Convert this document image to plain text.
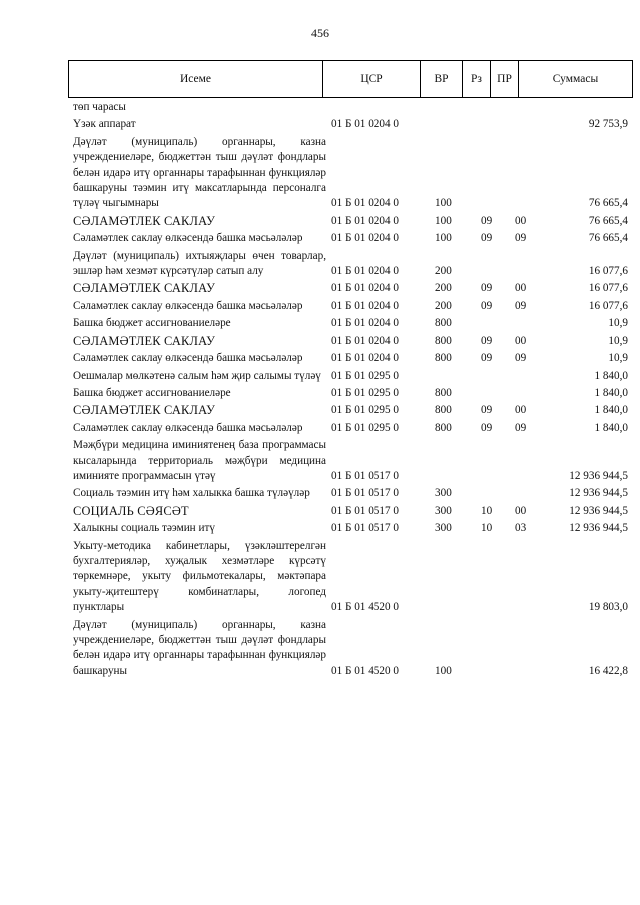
456
Исеме	ЦСР	ВР	Рз	ПР	Суммасы
төп чарасы
Үзәк аппарат	01 Б 01 0204 0	92 753,9
Дәүләт (муниципаль) органнары, казна учреждениеләре, бюджеттән тыш дәүләт фондлары белән идарә итү органнары тарафыннан функцияләр башкаруны тәэмин итү максатларында персоналга түләү чыгымнары	01 Б 01 0204 0	100	76 665,4
СӘЛАМӘТЛЕК САКЛАУ	01 Б 01 0204 0	100	09	00	76 665,4
Сәламәтлек саклау өлкәсендә башка мәсьәләләр	01 Б 01 0204 0	100	09	09	76 665,4
Дәүләт (муниципаль) ихтыяҗлары өчен товарлар, эшләр һәм хезмәт күрсәтүләр сатып алу	01 Б 01 0204 0	200	16 077,6
СӘЛАМӘТЛЕК САКЛАУ	01 Б 01 0204 0	200	09	00	16 077,6
Сәламәтлек саклау өлкәсендә башка мәсьәләләр	01 Б 01 0204 0	200	09	09	16 077,6
Башка бюджет ассигнованиеләре	01 Б 01 0204 0	800	10,9
СӘЛАМӘТЛЕК САКЛАУ	01 Б 01 0204 0	800	09	00	10,9
Сәламәтлек саклау өлкәсендә башка мәсьәләләр	01 Б 01 0204 0	800	09	09	10,9
Оешмалар мөлкәтенә салым һәм җир салымы түләү 01 Б 01 0295 0	1 840,0
Башка бюджет ассигнованиеләре	01 Б 01 0295 0	800	1 840,0
СӘЛАМӘТЛЕК САКЛАУ	01 Б 01 0295 0	800	09	00	1 840,0
Сәламәтлек саклау өлкәсендә башка мәсьәләләр	01 Б 01 0295 0	800	09	09	1 840,0
Мәҗбүри медицина иминиятенең база программасы кысаларында территориаль мәҗбүри медицина иминияте программасын үтәү	01 Б 01 0517 0	12 936 944,5
Социаль тәэмин итү һәм халыкка башка түләүләр	01 Б 01 0517 0	300	12 936 944,5
СОЦИАЛЬ СӘЯСӘТ	01 Б 01 0517 0	300	10	00	12 936 944,5
Халыкны социаль тәэмин итү	01 Б 01 0517 0	300	10	03	12 936 944,5
Укыту-методика кабинетлары, үзәкләштерелгән бухгалтерияләр, хуҗалык хезмәтләре күрсәтү төркемнәре, укыту фильмотекалары, мәктәпара укыту-җитештерү комбинатлары, логопед пунктлары	01 Б 01 4520 0	19 803,0
Дәүләт (муниципаль) органнары, казна учреждениеләре, бюджеттән тыш дәүләт фондлары белән идарә итү органнары тарафыннан функцияләр башкаруны	01 Б 01 4520 0	100	16 422,8
